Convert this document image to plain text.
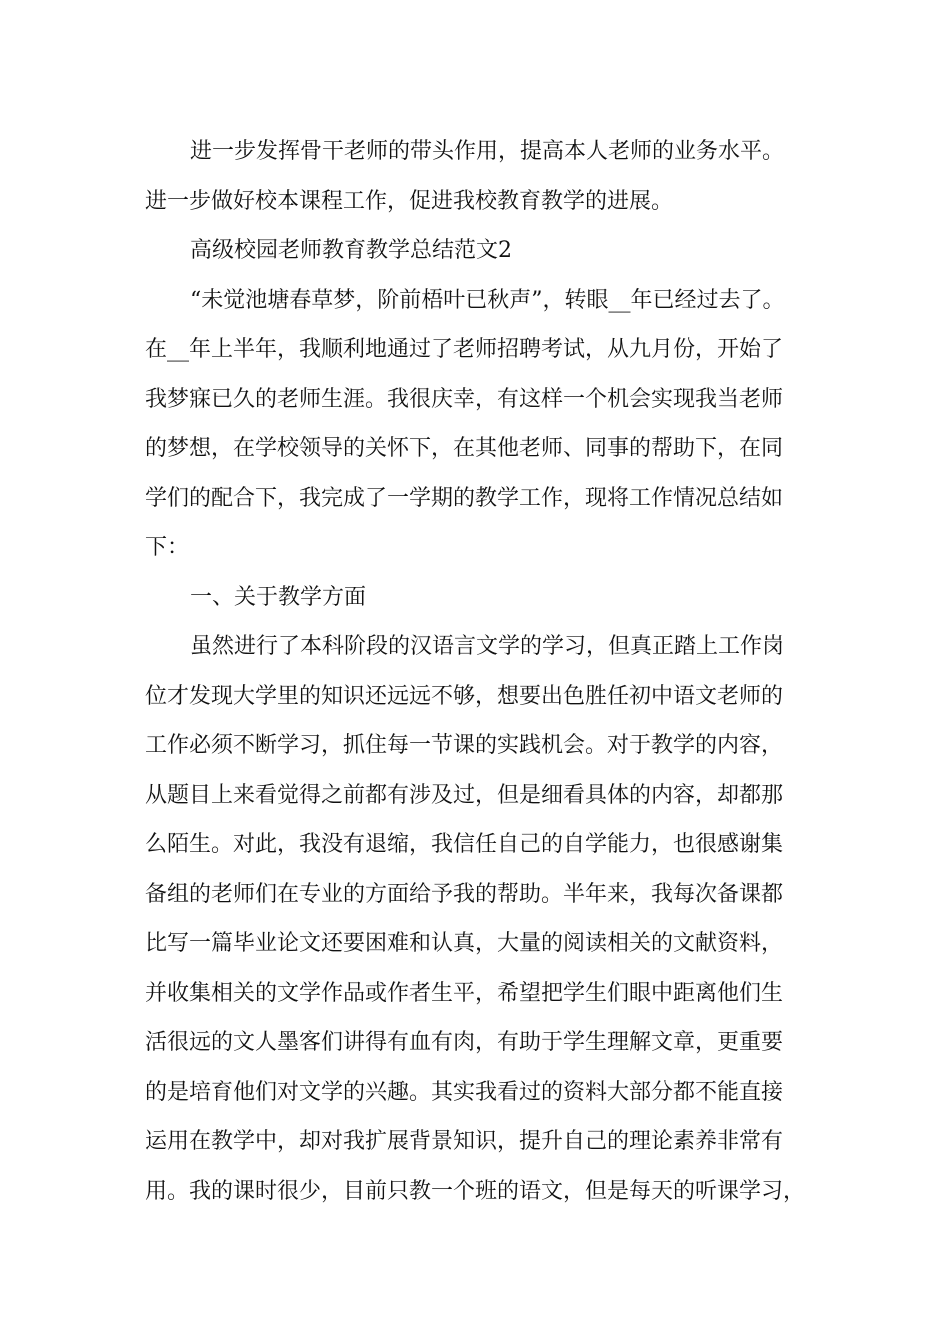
进一步发挥骨干老师的带头作用，提高本人老师的业务水平。
进一步做好校本课程工作，促进我校教育教学的进展。
高级校园老师教育教学总结范文2
“未觉池塘春草梦，阶前梧叶已秋声”，转眼__年已经过去了。
在__年上半年，我顺利地通过了老师招聘考试，从九月份，开始了
我梦寐已久的老师生涯。我很庆幸，有这样一个机会实现我当老师
的梦想，在学校领导的关怀下，在其他老师、同事的帮助下，在同
学们的配合下，我完成了一学期的教学工作，现将工作情况总结如
下：
一、关于教学方面
虽然进行了本科阶段的汉语言文学的学习，但真正踏上工作岗
位才发现大学里的知识还远远不够，想要出色胜任初中语文老师的
工作必须不断学习，抓住每一节课的实践机会。对于教学的内容，
从题目上来看觉得之前都有涉及过，但是细看具体的内容，却都那
么陌生。对此，我没有退缩，我信任自己的自学能力，也很感谢集
备组的老师们在专业的方面给予我的帮助。半年来，我每次备课都
比写一篇毕业论文还要困难和认真，大量的阅读相关的文献资料，
并收集相关的文学作品或作者生平，希望把学生们眼中距离他们生
活很远的文人墨客们讲得有血有肉，有助于学生理解文章，更重要
的是培育他们对文学的兴趣。其实我看过的资料大部分都不能直接
运用在教学中，却对我扩展背景知识，提升自己的理论素养非常有
用。我的课时很少，目前只教一个班的语文，但是每天的听课学习，
